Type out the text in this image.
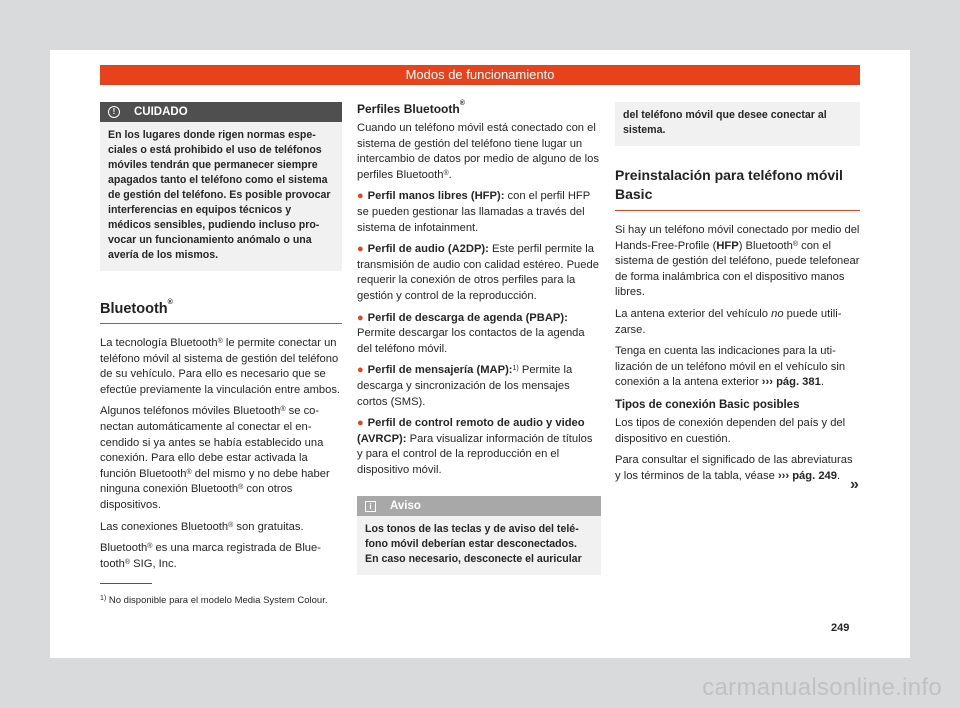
Modos de funcionamiento
!	CUIDADO
En los lugares donde rigen normas especiales o está prohibido el uso de teléfonos móviles tendrán que permanecer siempre apagados tanto el teléfono como el sistema de gestión del teléfono. Es posible provocar interferencias en equipos técnicos y médicos sensibles, pudiendo incluso provocar un funcionamiento anómalo o una avería de los mismos.
Bluetooth®

La tecnología Bluetooth® le permite conectar un teléfono móvil al sistema de gestión del teléfono de su vehículo. Para ello es necesario que se efectúe previamente la vinculación entre ambos.

Algunos teléfonos móviles Bluetooth® se conectan automáticamente al conectar el encendido si ya antes se había establecido una conexión. Para ello debe estar activada la función Bluetooth® del mismo y no debe haber ninguna conexión Bluetooth® con otros dispositivos.

Las conexiones Bluetooth® son gratuitas.

Bluetooth® es una marca registrada de Bluetooth® SIG, Inc.

$^{1)}$ No disponible para el modelo Media System Colour.
Perfiles Bluetooth®

Cuando un teléfono móvil está conectado con el sistema de gestión del teléfono tiene lugar un intercambio de datos por medio de alguno de los perfiles Bluetooth®.

● Perfil manos libres (HFP): con el perfil HFP se pueden gestionar las llamadas a través del sistema de infotainment.

● Perfil de audio (A2DP): Este perfil permite la transmisión de audio con calidad estéreo. Puede requerir la conexión de otros perfiles para la gestión y control de la reproducción.

● Perfil de descarga de agenda (PBAP): Permite descargar los contactos de la agenda del teléfono móvil.

● Perfil de mensajería (MAP):$^{1)}$ Permite la descarga y sincronización de los mensajes cortos (SMS).

● Perfil de control remoto de audio y video (AVRCP): Para visualizar información de títulos y para el control de la reproducción en el dispositivo móvil.

i	Aviso
Los tonos de las teclas y de aviso del teléfono móvil deberían estar desconectados. En caso necesario, desconecte el auricular
del teléfono móvil que desee conectar al sistema.
Preinstalación para teléfono móvil Basic

Si hay un teléfono móvil conectado por medio del Hands-Free-Profile (HFP) Bluetooth® con el sistema de gestión del teléfono, puede telefonear de forma inalámbrica con el dispositivo manos libres.

La antena exterior del vehículo no puede utilizarse.

Tenga en cuenta las indicaciones para la utilización de un teléfono móvil en el vehículo sin conexión a la antena exterior ››› pág. 381.

Tipos de conexión Basic posibles

Los tipos de conexión dependen del país y del dispositivo en cuestión.

Para consultar el significado de las abreviaturas y los términos de la tabla, véase ››› pág. 249.

»
249
carmanualsonline.info
